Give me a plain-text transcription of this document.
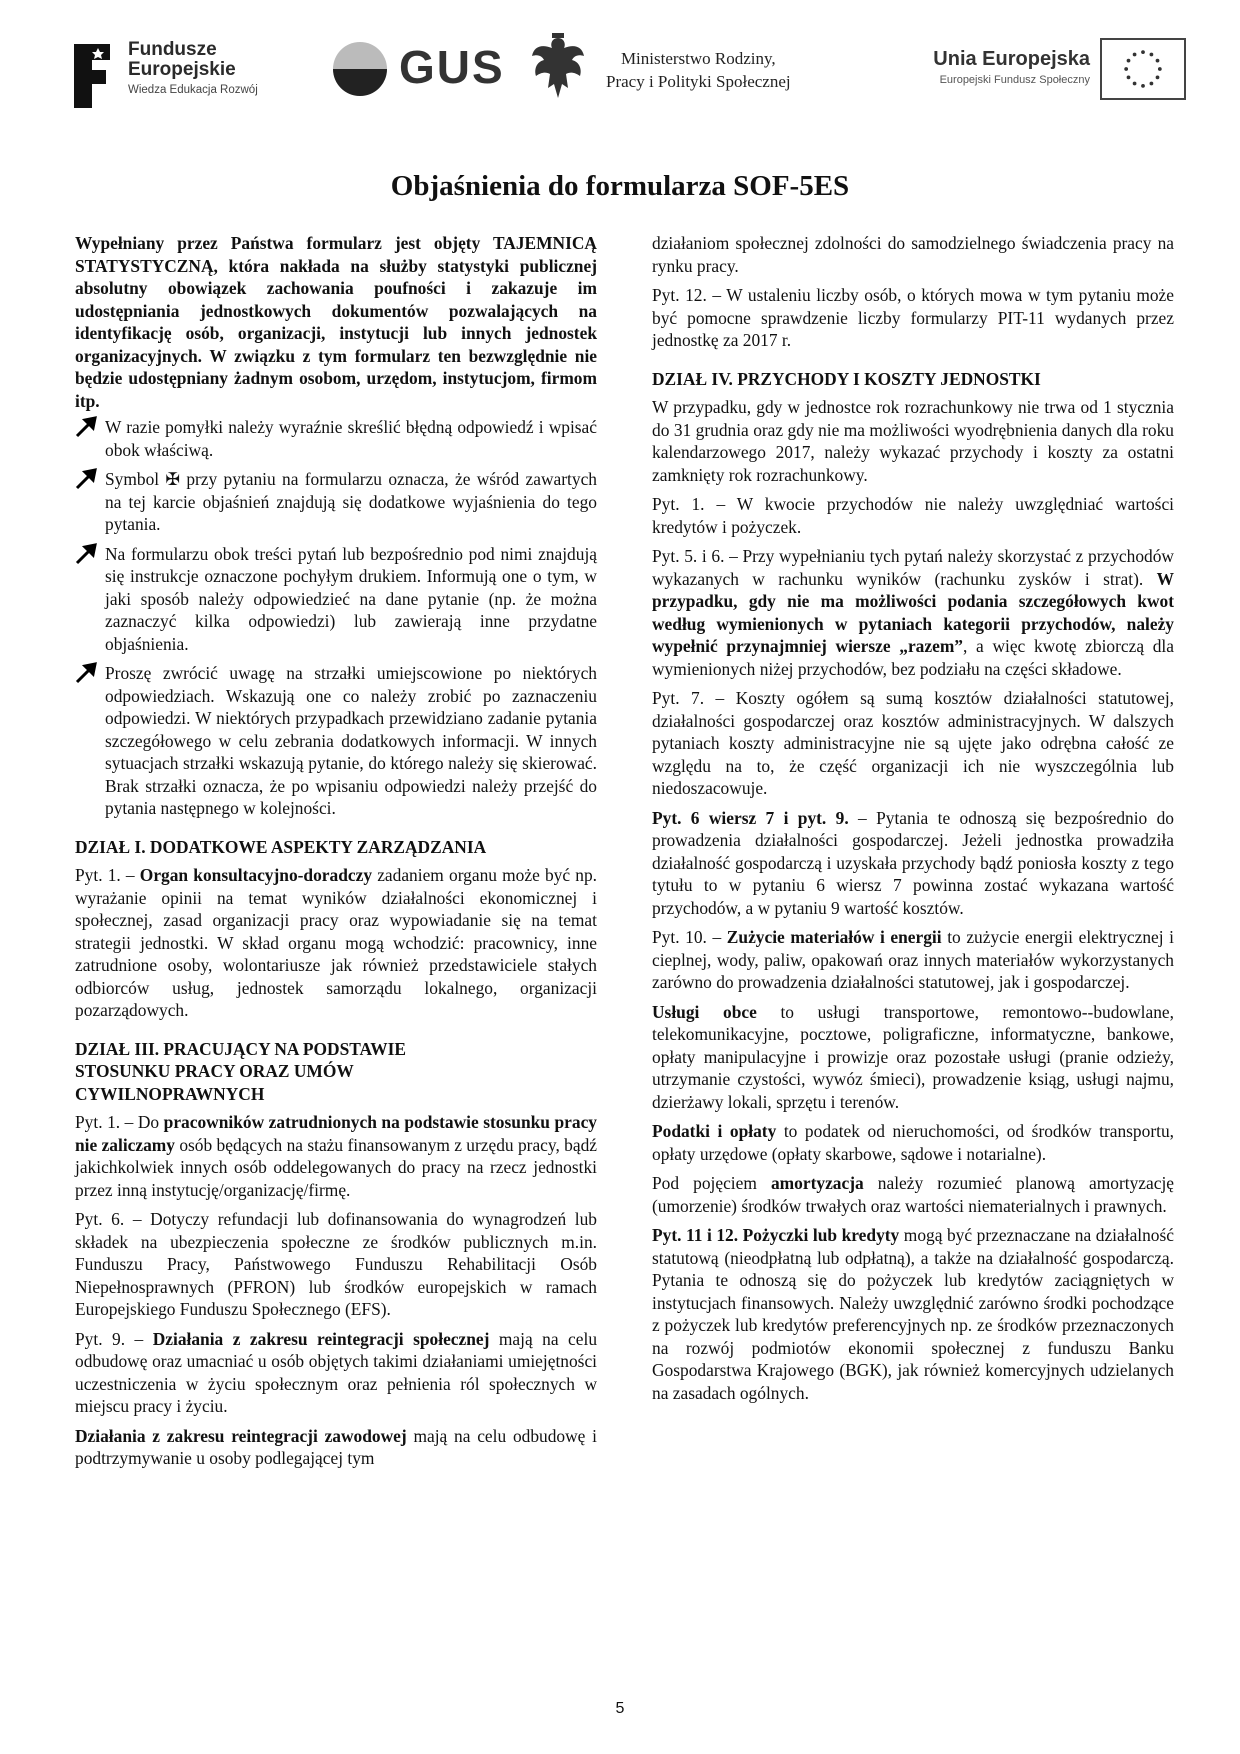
Fundusze
Europejskie
Wiedza Edukacja Rozwój	GUS	Ministerstwo Rodziny,
Pracy i Polityki Społecznej
Unia Europejska
Europejski Fundusz Społeczny
Objaśnienia do formularza SOF-5ES

Wypełniany przez Państwa formularz jest objęty TAJEMNICĄ STATYSTYCZNĄ, która nakłada na służby statystyki publicznej absolutny obowiązek zachowania poufności i zakazuje im udostępniania jednostkowych dokumentów pozwalających na identyfikację osób, organizacji, instytucji lub innych jednostek organizacyjnych. W związku z tym formularz ten bezwzględnie nie będzie udostępniany żadnym osobom, urzędom, instytucjom, firmom itp.

W razie pomyłki należy wyraźnie skreślić błędną odpowiedź i wpisać obok właściwą.

Symbol ✠ przy pytaniu na formularzu oznacza, że wśród zawartych na tej karcie objaśnień znajdują się dodatkowe wyjaśnienia do tego pytania.

Na formularzu obok treści pytań lub bezpośrednio pod nimi znajdują się instrukcje oznaczone pochyłym drukiem. Informują one o tym, w jaki sposób należy odpowiedzieć na dane pytanie (np. że można zaznaczyć kilka odpowiedzi) lub zawierają inne przydatne objaśnienia.

Proszę zwrócić uwagę na strzałki umiejscowione po niektórych odpowiedziach. Wskazują one co należy zrobić po zaznaczeniu odpowiedzi. W niektórych przypadkach przewidziano zadanie pytania szczegółowego w celu zebrania dodatkowych informacji. W innych sytuacjach strzałki wskazują pytanie, do którego należy się skierować. Brak strzałki oznacza, że po wpisaniu odpowiedzi należy przejść do pytania następnego w kolejności.

DZIAŁ I. DODATKOWE ASPEKTY ZARZĄDZANIA

Pyt. 1. – Organ konsultacyjno-doradczy zadaniem organu może być np. wyrażanie opinii na temat wyników działalności ekonomicznej i społecznej, zasad organizacji pracy oraz wypowiadanie się na temat strategii jednostki. W skład organu mogą wchodzić: pracownicy, inne zatrudnione osoby, wolontariusze jak również przedstawiciele stałych odbiorców usług, jednostek samorządu lokalnego, organizacji pozarządowych.

DZIAŁ III. PRACUJĄCY NA PODSTAWIE
STOSUNKU PRACY ORAZ UMÓW
CYWILNOPRAWNYCH

Pyt. 1. – Do pracowników zatrudnionych na podstawie stosunku pracy nie zaliczamy osób będących na stażu finansowanym z urzędu pracy, bądź jakichkolwiek innych osób oddelegowanych do pracy na rzecz jednostki przez inną instytucję/organizację/firmę.

Pyt. 6. – Dotyczy refundacji lub dofinansowania do wynagrodzeń lub składek na ubezpieczenia społeczne ze środków publicznych m.in. Funduszu Pracy, Państwowego Funduszu Rehabilitacji Osób Niepełnosprawnych (PFRON) lub środków europejskich w ramach Europejskiego Funduszu Społecznego (EFS).

Pyt. 9. – Działania z zakresu reintegracji społecznej mają na celu odbudowę oraz umacniać u osób objętych takimi działaniami umiejętności uczestniczenia w życiu społecznym oraz pełnienia ról społecznych w miejscu pracy i życiu.

Działania z zakresu reintegracji zawodowej mają na celu odbudowę i podtrzymywanie u osoby podlegającej tym

działaniom społecznej zdolności do samodzielnego świadczenia pracy na rynku pracy.

Pyt. 12. – W ustaleniu liczby osób, o których mowa w tym pytaniu może być pomocne sprawdzenie liczby formularzy PIT-11 wydanych przez jednostkę za 2017 r.

DZIAŁ IV. PRZYCHODY I KOSZTY JEDNOSTKI

W przypadku, gdy w jednostce rok rozrachunkowy nie trwa od 1 stycznia do 31 grudnia oraz gdy nie ma możliwości wyodrębnienia danych dla roku kalendarzowego 2017, należy wykazać przychody i koszty za ostatni zamknięty rok rozrachunkowy.

Pyt. 1. – W kwocie przychodów nie należy uwzględniać wartości kredytów i pożyczek.

Pyt. 5. i 6. – Przy wypełnianiu tych pytań należy skorzystać z przychodów wykazanych w rachunku wyników (rachunku zysków i strat). W przypadku, gdy nie ma możliwości podania szczegółowych kwot według wymienionych w pytaniach kategorii przychodów, należy wypełnić przynajmniej wiersze „razem”, a więc kwotę zbiorczą dla wymienionych niżej przychodów, bez podziału na części składowe.

Pyt. 7. – Koszty ogółem są sumą kosztów działalności statutowej, działalności gospodarczej oraz kosztów administracyjnych. W dalszych pytaniach koszty administracyjne nie są ujęte jako odrębna całość ze względu na to, że część organizacji ich nie wyszczególnia lub niedoszacowuje.

Pyt. 6 wiersz 7 i pyt. 9. – Pytania te odnoszą się bezpośrednio do prowadzenia działalności gospodarczej. Jeżeli jednostka prowadziła działalność gospodarczą i uzyskała przychody bądź poniosła koszty z tego tytułu to w pytaniu 6 wiersz 7 powinna zostać wykazana wartość przychodów, a w pytaniu 9 wartość kosztów.

Pyt. 10. – Zużycie materiałów i energii to zużycie energii elektrycznej i cieplnej, wody, paliw, opakowań oraz innych materiałów wykorzystanych zarówno do prowadzenia działalności statutowej, jak i gospodarczej.

Usługi obce to usługi transportowe, remontowo--budowlane, telekomunikacyjne, pocztowe, poligraficzne, informatyczne, bankowe, opłaty manipulacyjne i prowizje oraz pozostałe usługi (pranie odzieży, utrzymanie czystości, wywóz śmieci), prowadzenie ksiąg, usługi najmu, dzierżawy lokali, sprzętu i terenów.

Podatki i opłaty to podatek od nieruchomości, od środków transportu, opłaty urzędowe (opłaty skarbowe, sądowe i notarialne).

Pod pojęciem amortyzacja należy rozumieć planową amortyzację (umorzenie) środków trwałych oraz wartości niematerialnych i prawnych.

Pyt. 11 i 12. Pożyczki lub kredyty mogą być przeznaczane na działalność statutową (nieodpłatną lub odpłatną), a także na działalność gospodarczą. Pytania te odnoszą się do pożyczek lub kredytów zaciągniętych w instytucjach finansowych. Należy uwzględnić zarówno środki pochodzące z pożyczek lub kredytów preferencyjnych np. ze środków przeznaczonych na rozwój podmiotów ekonomii społecznej z funduszu Banku Gospodarstwa Krajowego (BGK), jak również komercyjnych udzielanych na zasadach ogólnych.

5
